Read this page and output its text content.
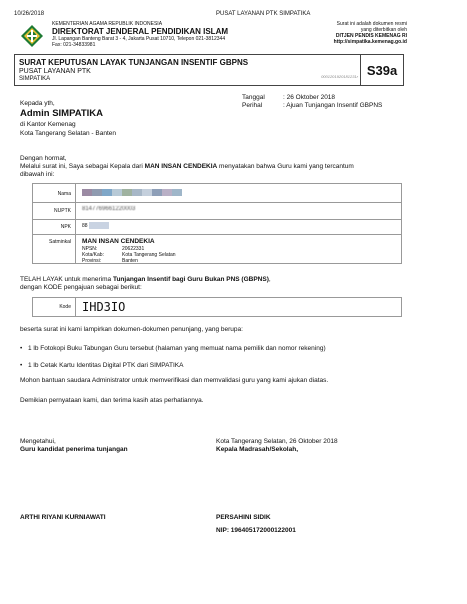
10/26/2018	PUSAT LAYANAN PTK SIMPATIKA
KEMENTERIAN AGAMA REPUBLIK INDONESIA
DIREKTORAT JENDERAL PENDIDIKAN ISLAM
Jl. Lapangan Banteng Barat 3 - 4, Jakarta Pusat 10710, Telepon 021-3812344
Fax: 021-34833981
Surat ini adalah dokumen resmi
yang diterbitkan oleh
DITJEN PENDIS KEMENAG RI
http://simpatika.kemenag.go.id
SURAT KEPUTUSAN LAYAK TUNJANGAN INSENTIF GBPNS
PUSAT LAYANAN PTK
SIMPATIKA	0001201920181231r S39a
Tanggal	: 26 Oktober 2018
Perihal	: Ajuan Tunjangan Insentif GBPNS
Kepada yth,
Admin SIMPATIKA
di Kantor Kemenag
Kota Tangerang Selatan - Banten
Dengan hormat,
Melalui surat ini, Saya sebagai Kepala dari MAN INSAN CENDEKIA menyatakan bahwa Guru kami yang tercantum
dibawah ini:
Nama
NUPTK 8147769661220003
NPK 88
Satminkal MAN INSAN CENDEKIA
NPSN:	20622331
Kota/Kab:	Kota Tangerang Selatan
Provinsi:	Banten
TELAH LAYAK untuk menerima Tunjangan Insentif bagi Guru Bukan PNS (GBPNS),
dengan KODE pengajuan sebagai berikut:
Kode IHD3IO
beserta surat ini kami lampirkan dokumen-dokumen penunjang, yang berupa:
• 1 lb Fotokopi Buku Tabungan Guru tersebut (halaman yang memuat nama pemilik dan nomor rekening)
• 1 lb Cetak Kartu Identitas Digital PTK dari SIMPATIKA
Mohon bantuan saudara Administrator untuk memverifikasi dan memvalidasi guru yang kami ajukan diatas.
Demikian pernyataan kami, dan terima kasih atas perhatiannya.
Mengetahui,
Guru kandidat penerima tunjangan
ARTHI RIYANI KURNIAWATI
Kota Tangerang Selatan, 26 Oktober 2018
Kepala Madrasah/Sekolah,
PERSAHINI SIDIK
NIP: 196405172000122001
